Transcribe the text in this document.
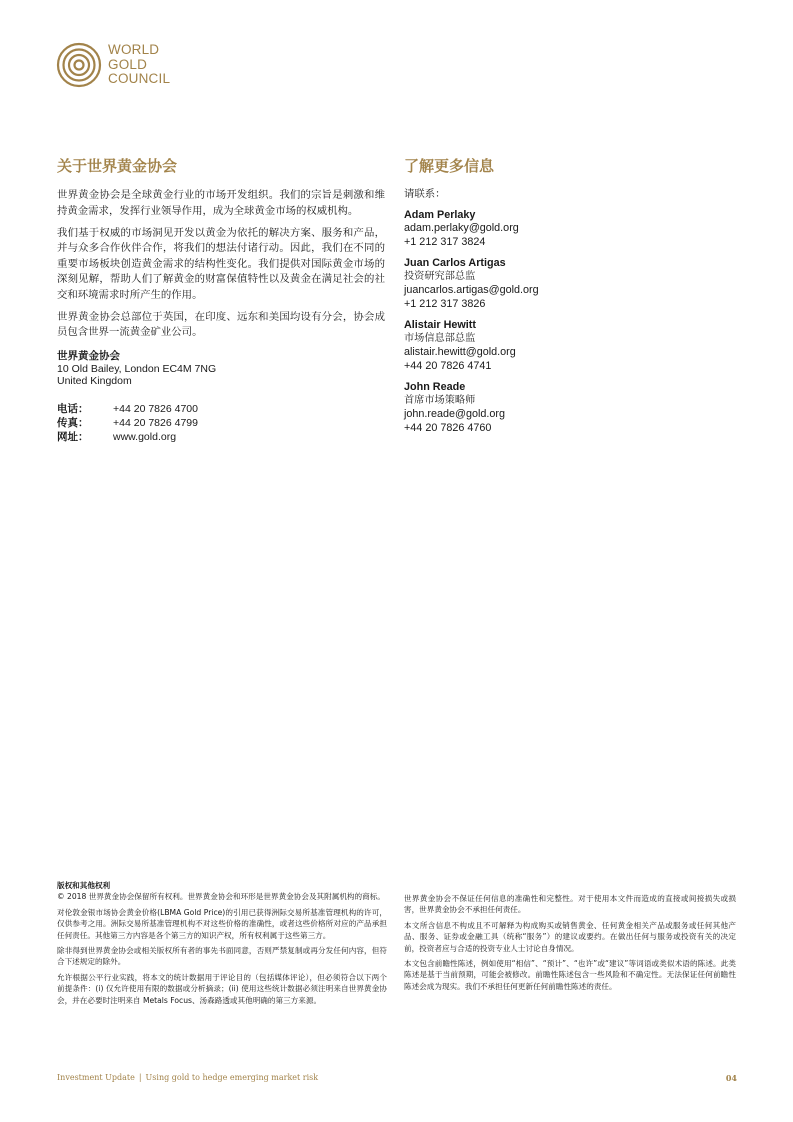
WORLD
GOLD
COUNCIL
关于世界黄金协会

世界黄金协会是全球黄金行业的市场开发组织。我们的宗旨是刺激和维持黄金需求，发挥行业领导作用，成为全球黄金市场的权威机构。

我们基于权威的市场洞见开发以黄金为依托的解决方案、服务和产品，并与众多合作伙伴合作，将我们的想法付诸行动。因此，我们在不同的重要市场板块创造黄金需求的结构性变化。我们提供对国际黄金市场的深刻见解，帮助人们了解黄金的财富保值特性以及黄金在满足社会的社交和环境需求时所产生的作用。

世界黄金协会总部位于英国，在印度、远东和美国均设有分会，协会成员包含世界一流黄金矿业公司。

世界黄金协会
10 Old Bailey, London EC4M 7NG
United Kingdom
电话：	+44 20 7826 4700
传真：	+44 20 7826 4799
网址：	www.gold.org
了解更多信息
请联系：
Adam Perlaky
adam.perlaky@gold.org
+1 212 317 3824
Juan Carlos Artigas
投资研究部总监
juancarlos.artigas@gold.org
+1 212 317 3826
Alistair Hewitt
市场信息部总监
alistair.hewitt@gold.org
+44 20 7826 4741
John Reade
首席市场策略师
john.reade@gold.org
+44 20 7826 4760

版权和其他权利

© 2018 世界黄金协会保留所有权利。世界黄金协会和环形是世界黄金协会及其附属机构的商标。

对伦敦金银市场协会黄金价格(LBMA Gold Price)的引用已获得洲际交易所基准管理机构的许可，仅供参考之用。洲际交易所基准管理机构不对这些价格的准确性，或者这些价格所对应的产品承担任何责任。其他第三方内容是各个第三方的知识产权，所有权利属于这些第三方。

除非得到世界黄金协会或相关版权所有者的事先书面同意，否则严禁复制或再分发任何内容，但符合下述规定的除外。

允许根据公平行业实践，将本文的统计数据用于评论目的（包括媒体评论），但必须符合以下两个前提条件：(i) 仅允许使用有限的数据或分析摘录；(ii) 使用这些统计数据必须注明来自世界黄金协会，并在必要时注明来自 Metals Focus、汤森路透或其他明确的第三方来源。

世界黄金协会不保证任何信息的准确性和完整性。对于使用本文件而造成的直接或间接损失或损害，世界黄金协会不承担任何责任。

本文所含信息不构成且不可解释为构成购买或销售黄金、任何黄金相关产品或服务或任何其他产品、服务、证券或金融工具（统称“服务”）的建议或要约。在做出任何与服务或投资有关的决定前，投资者应与合适的投资专业人士讨论自身情况。

本文包含前瞻性陈述，例如使用“相信”、“预计”、“也许”或“建议”等词语或类似术语的陈述。此类陈述是基于当前预期，可能会被修改。前瞻性陈述包含一些风险和不确定性。无法保证任何前瞻性陈述会成为现实。我们不承担任何更新任何前瞻性陈述的责任。

Investment Update | Using gold to hedge emerging market risk	04
